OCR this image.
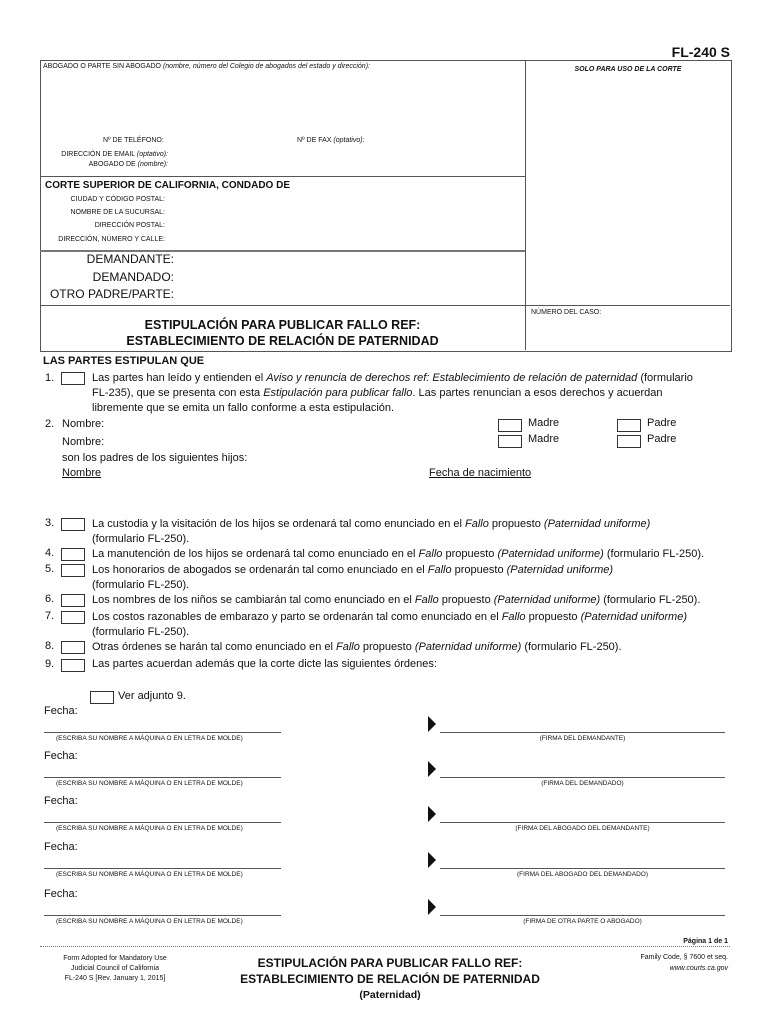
FL-240 S
ABOGADO O PARTE SIN ABOGADO (nombre, número del Colegio de abogados del estado y dirección):	SOLO PARA USO DE LA CORTE
Nº DE TELÉFONO:	Nº DE FAX (optativo):
DIRECCIÓN DE EMAIL (optativo):
ABOGADO DE (nombre):
CORTE SUPERIOR DE CALIFORNIA, CONDADO DE
CIUDAD Y CÓDIGO POSTAL:
NOMBRE DE LA SUCURSAL:
DIRECCIÓN POSTAL:
DIRECCIÓN, NÚMERO Y CALLE:
DEMANDANTE:
DEMANDADO:
OTRO PADRE/PARTE:
ESTIPULACIÓN PARA PUBLICAR FALLO REF:
ESTABLECIMIENTO DE RELACIÓN DE PATERNIDAD
NÚMERO DEL CASO:
LAS PARTES ESTIPULAN QUE
1.	Las partes han leído y entienden el Aviso y renuncia de derechos ref: Establecimiento de relación de paternidad (formulario
FL-235), que se presenta con esta Estipulación para publicar fallo. Las partes renuncian a esos derechos y acuerdan
libremente que se emita un fallo conforme a esta estipulación.
2. Nombre:
Nombre:
Madre	Padre
Madre	Padre
son los padres de los siguientes hijos:
Nombre	Fecha de nacimiento
3.	La custodia y la visitación de los hijos se ordenará tal como enunciado en el Fallo propuesto (Paternidad uniforme)
(formulario FL-250).
4.	La manutención de los hijos se ordenará tal como enunciado en el Fallo propuesto (Paternidad uniforme) (formulario FL-250).
5.	Los honorarios de abogados se ordenarán tal como enunciado en el Fallo propuesto (Paternidad uniforme)
(formulario FL-250).
6.	Los nombres de los niños se cambiarán tal como enunciado en el Fallo propuesto (Paternidad uniforme) (formulario FL-250).
7.	Los costos razonables de embarazo y parto se ordenarán tal como enunciado en el Fallo propuesto (Paternidad uniforme)
(formulario FL-250).
8.	Otras órdenes se harán tal como enunciado en el Fallo propuesto (Paternidad uniforme) (formulario FL-250).
9.	Las partes acuerdan además que la corte dicte las siguientes órdenes:
Ver adjunto 9.
Fecha:
(ESCRIBA SU NOMBRE A MÁQUINA O EN LETRA DE MOLDE)	(FIRMA DEL DEMANDANTE)
Fecha:
(ESCRIBA SU NOMBRE A MÁQUINA O EN LETRA DE MOLDE)	(FIRMA DEL DEMANDADO)
Fecha:
(ESCRIBA SU NOMBRE A MÁQUINA O EN LETRA DE MOLDE)	(FIRMA DEL ABOGADO DEL DEMANDANTE)
Fecha:
(ESCRIBA SU NOMBRE A MÁQUINA O EN LETRA DE MOLDE)	(FIRMA DEL ABOGADO DEL DEMANDADO)
Fecha:
(ESCRIBA SU NOMBRE A MÁQUINA O EN LETRA DE MOLDE)	(FIRMA DE OTRA PARTE O ABOGADO)
Página 1 de 1
Form Adopted for Mandatory Use
Judicial Council of California
FL-240 S [Rev. January 1, 2015]
ESTIPULACIÓN PARA PUBLICAR FALLO REF:
ESTABLECIMIENTO DE RELACIÓN DE PATERNIDAD
(Paternidad)
Family Code, § 7600 et seq.
www.courts.ca.gov
